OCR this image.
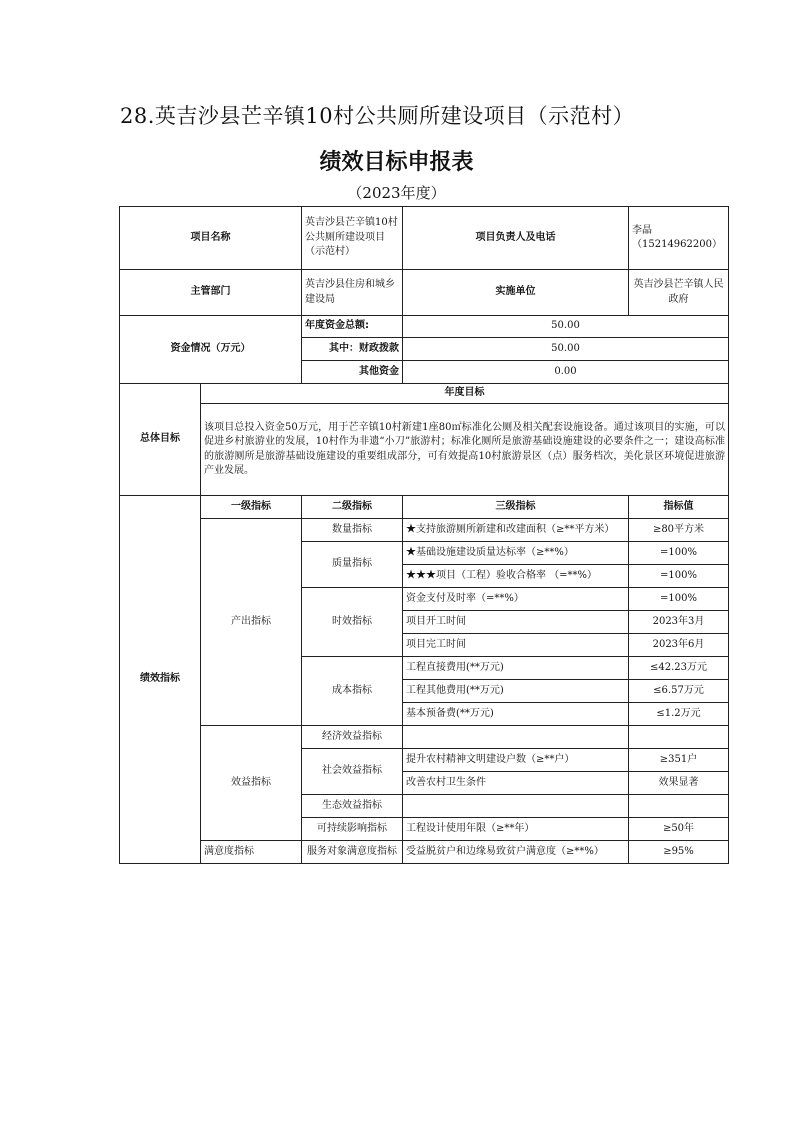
28.英吉沙县芒辛镇10村公共厕所建设项目（示范村）
绩效目标申报表
（2023年度）
项目名称		英吉沙县芒辛镇10村公共厕所建设项目（示范村）	项目负责人及电话	李晶（15214962200）
主管部门		英吉沙县住房和城乡建设局	实施单位	英吉沙县芒辛镇人民政府
资金情况（万元）		年度资金总额:	50.00	
		其中：财政拨款	50.00	
		其他资金	0.00	
总体目标	年度目标			
	该项目总投入资金50万元，用于芒辛镇10村新建1座80㎡标准化公厕及相关配套设施设备。通过该项目的实施，可以促进乡村旅游业的发展，10村作为非遗“小刀”旅游村；标准化厕所是旅游基础设施建设的必要条件之一；建设高标准的旅游厕所是旅游基础设施建设的重要组成部分，可有效提高10村旅游景区（点）服务档次，美化景区环境促进旅游产业发展。			
绩效指标	一级指标	二级指标	三级指标	指标值
	产出指标	数量指标	★支持旅游厕所新建和改建面积（≥**平方米）	≥80平方米
		质量指标	★基础设施建设质量达标率（≥**%）	=100%
			★★★项目（工程）验收合格率 （=**%）	=100%
		时效指标	资金支付及时率（=**%）	=100%
			项目开工时间	2023年3月
			项目完工时间	2023年6月
		成本指标	工程直接费用(**万元)	≤42.23万元
			工程其他费用(**万元)	≤6.57万元
			基本预备费(**万元)	≤1.2万元
	效益指标	经济效益指标		
		社会效益指标	提升农村精神文明建设户数（≥**户）	≥351户
			改善农村卫生条件	效果显著
		生态效益指标		
		可持续影响指标	工程设计使用年限（≥**年）	≥50年
	满意度指标	服务对象满意度指标	受益脱贫户和边缘易致贫户满意度（≥**%）	≥95%
